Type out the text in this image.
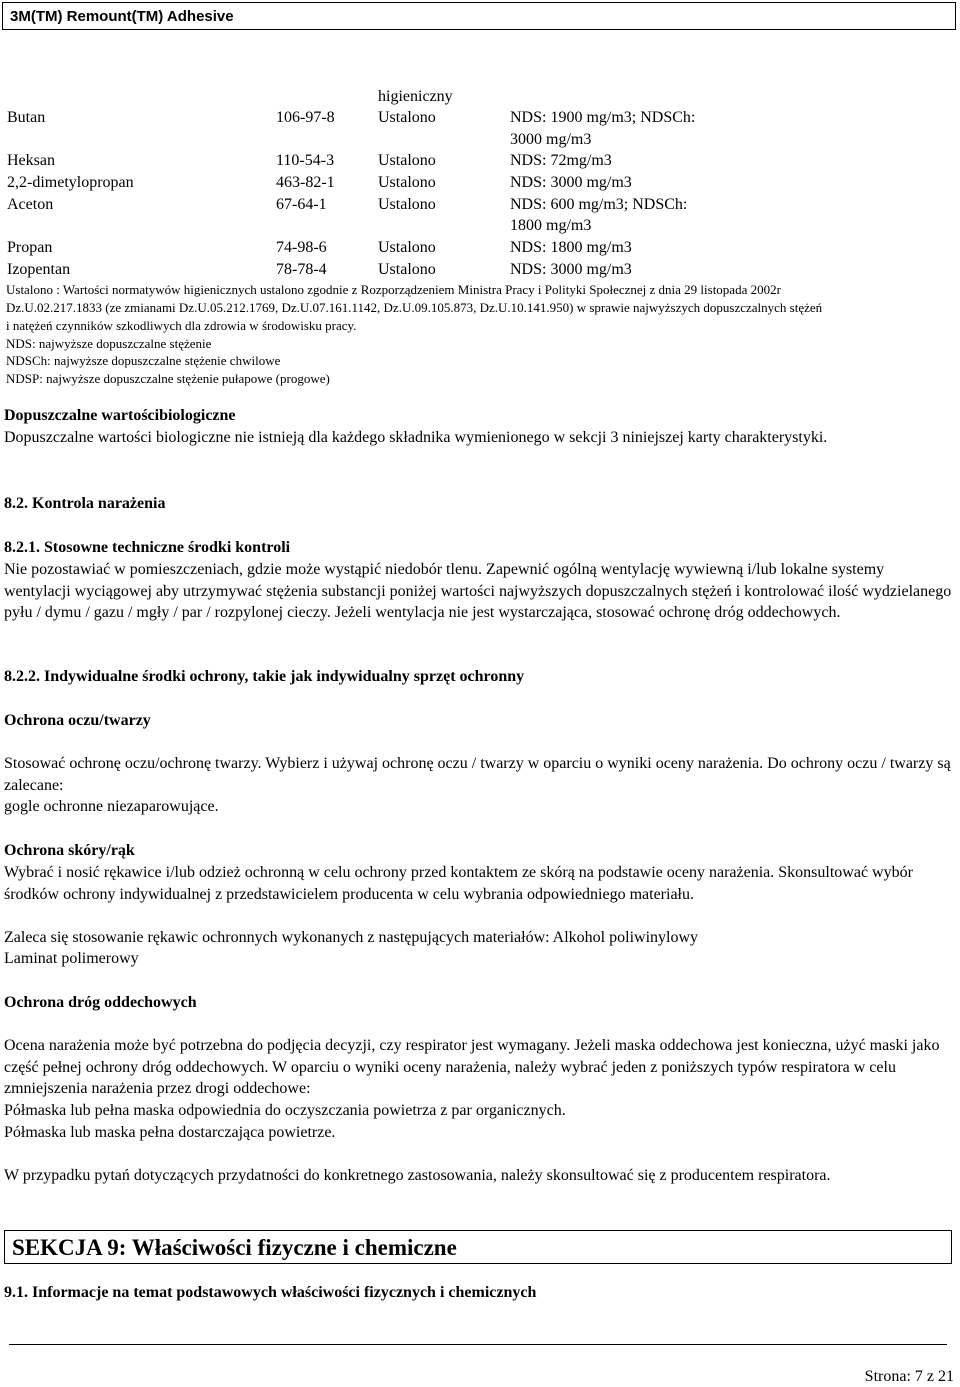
3M(TM) Remount(TM) Adhesive
higieniczny
Butan	106-97-8	Ustalono	NDS: 1900 mg/m3; NDSCh:
3000 mg/m3
Heksan	110-54-3	Ustalono	NDS: 72mg/m3
2,2-dimetylopropan	463-82-1	Ustalono	NDS: 3000 mg/m3
Aceton	67-64-1	Ustalono	NDS: 600 mg/m3; NDSCh:
1800 mg/m3
Propan	74-98-6	Ustalono	NDS: 1800 mg/m3
Izopentan	78-78-4	Ustalono	NDS: 3000 mg/m3
Ustalono : Wartości normatywów higienicznych ustalono zgodnie z Rozporządzeniem Ministra Pracy i Polityki Społecznej z dnia 29 listopada 2002r
Dz.U.02.217.1833 (ze zmianami Dz.U.05.212.1769, Dz.U.07.161.1142, Dz.U.09.105.873, Dz.U.10.141.950) w sprawie najwyższych dopuszczalnych stężeń
i natężeń czynników szkodliwych dla zdrowia w środowisku pracy.
NDS: najwyższe dopuszczalne stężenie
NDSCh: najwyższe dopuszczalne stężenie chwilowe
NDSP: najwyższe dopuszczalne stężenie pułapowe (progowe)
Dopuszczalne wartościbiologiczne
Dopuszczalne wartości biologiczne nie istnieją dla każdego składnika wymienionego w sekcji 3 niniejszej karty charakterystyki.
8.2. Kontrola narażenia
8.2.1. Stosowne techniczne środki kontroli
Nie pozostawiać w pomieszczeniach, gdzie może wystąpić niedobór tlenu. Zapewnić ogólną wentylację wywiewną i/lub lokalne systemy wentylacji wyciągowej aby utrzymywać stężenia substancji poniżej wartości najwyższych dopuszczalnych stężeń i kontrolować ilość wydzielanego pyłu / dymu / gazu / mgły / par / rozpylonej cieczy. Jeżeli wentylacja nie jest wystarczająca, stosować ochronę dróg oddechowych.
8.2.2. Indywidualne środki ochrony, takie jak indywidualny sprzęt ochronny
Ochrona oczu/twarzy
Stosować ochronę oczu/ochronę twarzy. Wybierz i używaj ochronę oczu / twarzy w oparciu o wyniki oceny narażenia. Do ochrony oczu / twarzy są zalecane:
gogle ochronne niezaparowujące.
Ochrona skóry/rąk
Wybrać i nosić rękawice i/lub odzież ochronną w celu ochrony przed kontaktem ze skórą na podstawie oceny narażenia. Skonsultować wybór środków ochrony indywidualnej z przedstawicielem producenta w celu wybrania odpowiedniego materiału.
Zaleca się stosowanie rękawic ochronnych wykonanych z następujących materiałów: Alkohol poliwinylowy
Laminat polimerowy
Ochrona dróg oddechowych
Ocena narażenia może być potrzebna do podjęcia decyzji, czy respirator jest wymagany. Jeżeli maska oddechowa jest konieczna, użyć maski jako część pełnej ochrony dróg oddechowych. W oparciu o wyniki oceny narażenia, należy wybrać jeden z poniższych typów respiratora w celu zmniejszenia narażenia przez drogi oddechowe:
Półmaska lub pełna maska odpowiednia do oczyszczania powietrza z par organicznych.
Półmaska lub maska pełna dostarczająca powietrze.
W przypadku pytań dotyczących przydatności do konkretnego zastosowania, należy skonsultować się z producentem respiratora.
SEKCJA 9: Właściwości fizyczne i chemiczne
9.1. Informacje na temat podstawowych właściwości fizycznych i chemicznych
Strona: 7 z 21
